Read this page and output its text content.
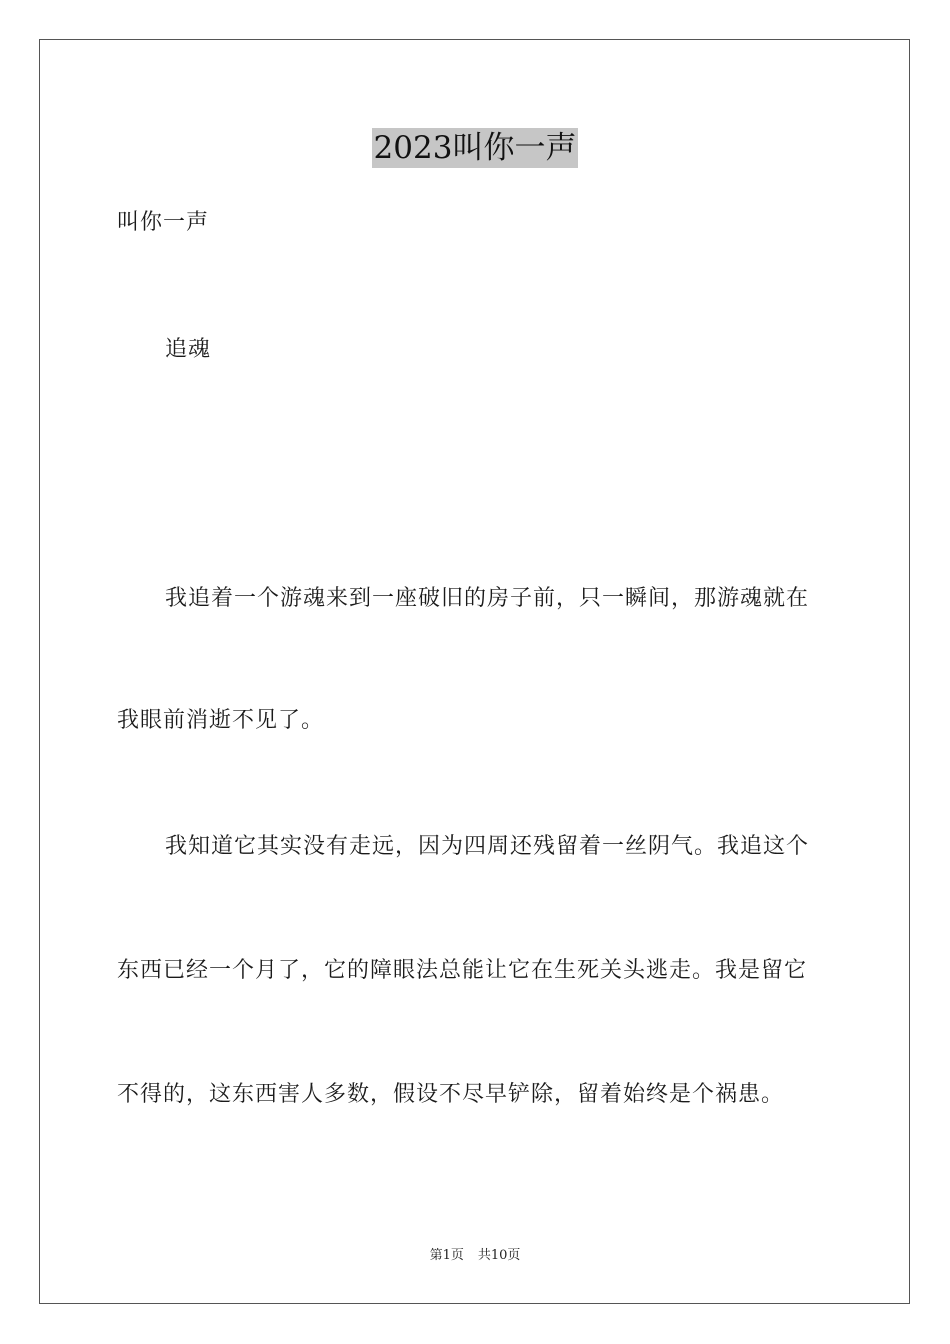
2023叫你一声

叫你一声

追魂

我追着一个游魂来到一座破旧的房子前，只一瞬间，那游魂就在

我眼前消逝不见了。

我知道它其实没有走远，因为四周还残留着一丝阴气。我追这个

东西已经一个月了，它的障眼法总能让它在生死关头逃走。我是留它

不得的，这东西害人多数，假设不尽早铲除，留着始终是个祸患。

第1页 共10页
